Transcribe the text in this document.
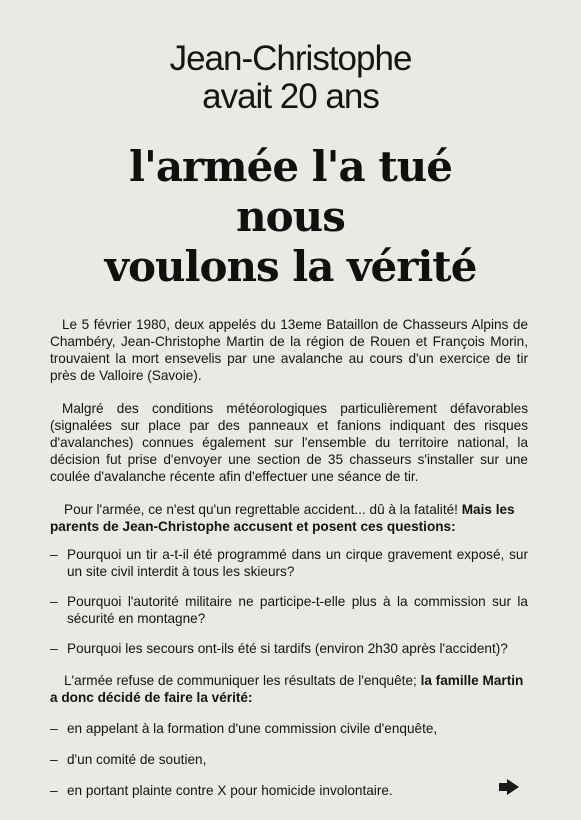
Jean-Christophe
avait 20 ans
l'armée l'a tué
nous
voulons la vérité

Le 5 février 1980, deux appelés du 13eme Bataillon de Chasseurs Alpins de Chambéry, Jean-Christophe Martin de la région de Rouen et François Morin, trouvaient la mort ensevelis par une avalanche au cours d'un exercice de tir près de Valloire (Savoie).

Malgré des conditions météorologiques particulièrement défavorables (signalées sur place par des panneaux et fanions indiquant des risques d'avalanches) connues également sur l'ensemble du territoire national, la décision fut prise d'envoyer une section de 35 chasseurs s'installer sur une coulée d'avalanche récente afin d'effectuer une séance de tir.

Pour l'armée, ce n'est qu'un regrettable accident... dû à la fatalité! Mais les parents de Jean-Christophe accusent et posent ces questions:

– Pourquoi un tir a-t-il été programmé dans un cirque gravement exposé, sur un site civil interdit à tous les skieurs?

– Pourquoi l'autorité militaire ne participe-t-elle plus à la commission sur la sécurité en montagne?

– Pourquoi les secours ont-ils été si tardifs (environ 2h30 après l'accident)?

L'armée refuse de communiquer les résultats de l'enquête; la famille Martin a donc décidé de faire la vérité:

– en appelant à la formation d'une commission civile d'enquête,

– d'un comité de soutien,

– en portant plainte contre X pour homicide involontaire.
